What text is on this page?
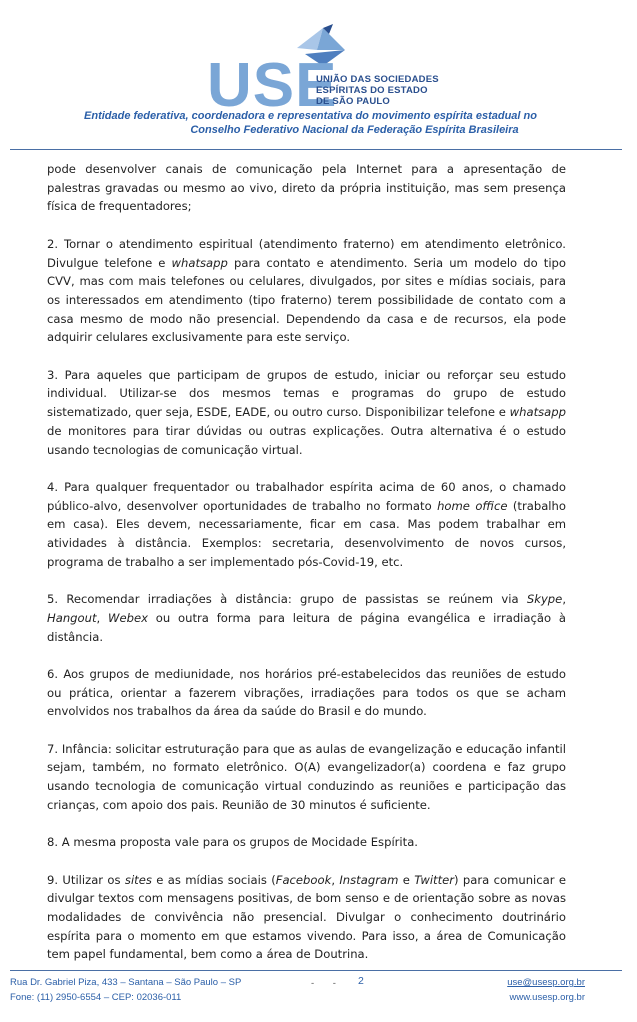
USE
UNIÃO DAS SOCIEDADES
ESPÍRITAS DO ESTADO
DE SÃO PAULO
Entidade federativa, coordenadora e representativa do movimento espírita estadual no
Conselho Federativo Nacional da Federação Espírita Brasileira

pode desenvolver canais de comunicação pela Internet para a apresentação de palestras gravadas ou mesmo ao vivo, direto da própria instituição, mas sem presença física de frequentadores;

2. Tornar o atendimento espiritual (atendimento fraterno) em atendimento eletrônico. Divulgue telefone e whatsapp para contato e atendimento. Seria um modelo do tipo CVV, mas com mais telefones ou celulares, divulgados, por sites e mídias sociais, para os interessados em atendimento (tipo fraterno) terem possibilidade de contato com a casa mesmo de modo não presencial. Dependendo da casa e de recursos, ela pode adquirir celulares exclusivamente para este serviço.

3. Para aqueles que participam de grupos de estudo, iniciar ou reforçar seu estudo individual. Utilizar-se dos mesmos temas e programas do grupo de estudo sistematizado, quer seja, ESDE, EADE, ou outro curso. Disponibilizar telefone e whatsapp de monitores para tirar dúvidas ou outras explicações. Outra alternativa é o estudo usando tecnologias de comunicação virtual.

4. Para qualquer frequentador ou trabalhador espírita acima de 60 anos, o chamado público-alvo, desenvolver oportunidades de trabalho no formato home office (trabalho em casa). Eles devem, necessariamente, ficar em casa. Mas podem trabalhar em atividades à distância. Exemplos: secretaria, desenvolvimento de novos cursos, programa de trabalho a ser implementado pós-Covid-19, etc.

5. Recomendar irradiações à distância: grupo de passistas se reúnem via Skype, Hangout, Webex ou outra forma para leitura de página evangélica e irradiação à distância.

6. Aos grupos de mediunidade, nos horários pré-estabelecidos das reuniões de estudo ou prática, orientar a fazerem vibrações, irradiações para todos os que se acham envolvidos nos trabalhos da área da saúde do Brasil e do mundo.

7. Infância: solicitar estruturação para que as aulas de evangelização e educação infantil sejam, também, no formato eletrônico. O(A) evangelizador(a) coordena e faz grupo usando tecnologia de comunicação virtual conduzindo as reuniões e participação das crianças, com apoio dos pais. Reunião de 30 minutos é suficiente.

8. A mesma proposta vale para os grupos de Mocidade Espírita.

9. Utilizar os sites e as mídias sociais (Facebook, Instagram e Twitter) para comunicar e divulgar textos com mensagens positivas, de bom senso e de orientação sobre as novas modalidades de convivência não presencial. Divulgar o conhecimento doutrinário espírita para o momento em que estamos vivendo. Para isso, a área de Comunicação tem papel fundamental, bem como a área de Doutrina.

Rua Dr. Gabriel Piza, 433 – Santana – São Paulo – SP
Fone: (11) 2950-6554 – CEP: 02036-011
- - 2	use@usesp.org.br
www.usesp.org.br
